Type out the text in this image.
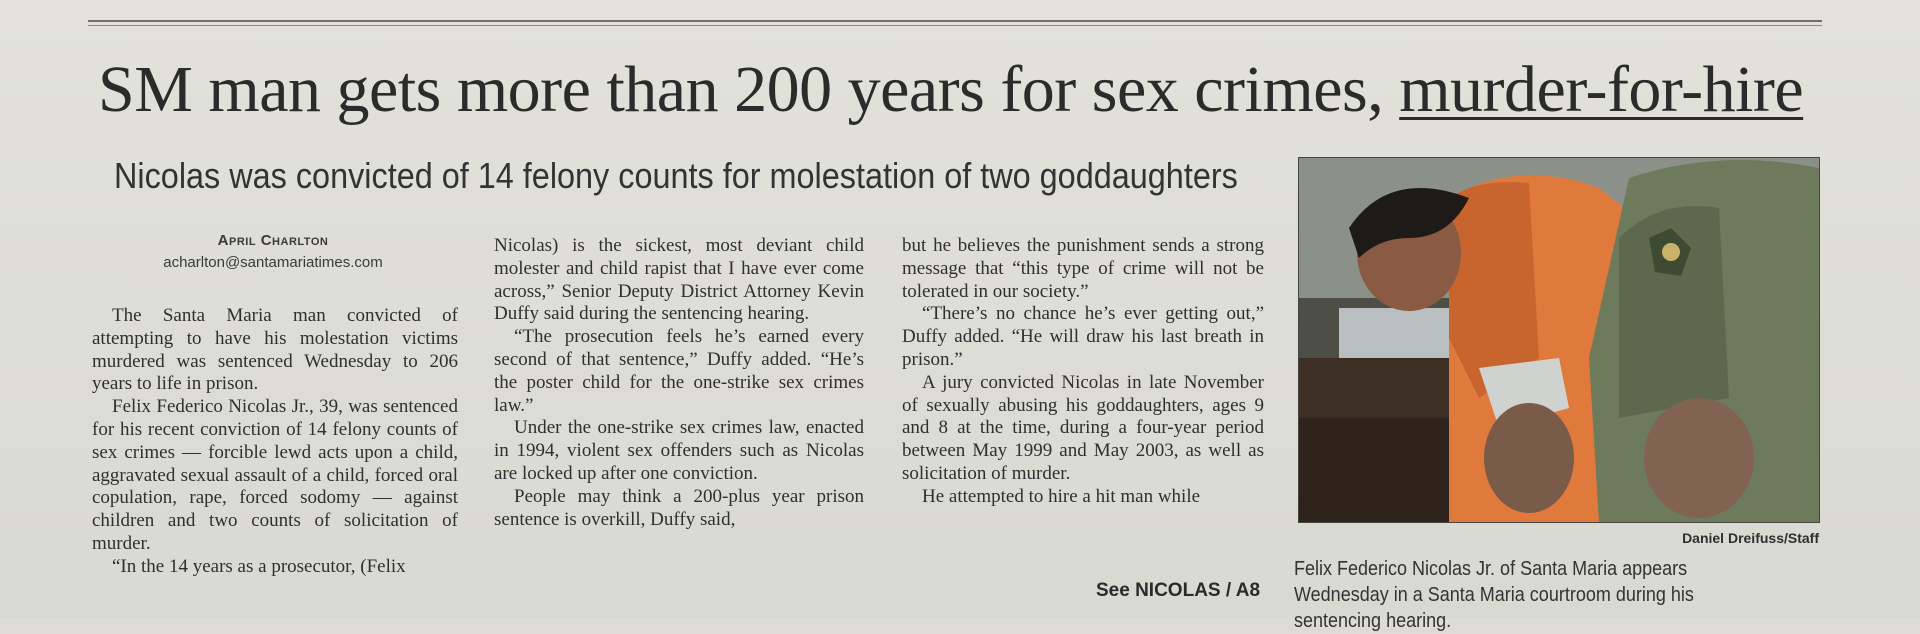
SM man gets more than 200 years for sex crimes, murder-for-hire
Nicolas was convicted of 14 felony counts for molestation of two goddaughters
April Charlton
acharlton@santamariatimes.com

The Santa Maria man convicted of attempting to have his molestation victims murdered was sentenced Wednesday to 206 years to life in prison.

Felix Federico Nicolas Jr., 39, was sentenced for his recent conviction of 14 felony counts of sex crimes — forcible lewd acts upon a child, aggravated sexual assault of a child, forced oral copulation, rape, forced sodomy — against children and two counts of solicitation of murder.

“In the 14 years as a prosecutor, (Felix

Nicolas) is the sickest, most deviant child molester and child rapist that I have ever come across,” Senior Deputy District Attorney Kevin Duffy said during the sentencing hearing.

“The prosecution feels he’s earned every second of that sentence,” Duffy added. “He’s the poster child for the one-strike sex crimes law.”

Under the one-strike sex crimes law, enacted in 1994, violent sex offenders such as Nicolas are locked up after one conviction.

People may think a 200-plus year prison sentence is overkill, Duffy said,

but he believes the punishment sends a strong message that “this type of crime will not be tolerated in our society.”

“There’s no chance he’s ever getting out,” Duffy added. “He will draw his last breath in prison.”

A jury convicted Nicolas in late November of sexually abusing his goddaughters, ages 9 and 8 at the time, during a four-year period between May 1999 and May 2003, as well as solicitation of murder.

He attempted to hire a hit man while

See NICOLAS / A8
Daniel Dreifuss/Staff
Felix Federico Nicolas Jr. of Santa Maria appears Wednesday in a Santa Maria courtroom during his sentencing hearing.
